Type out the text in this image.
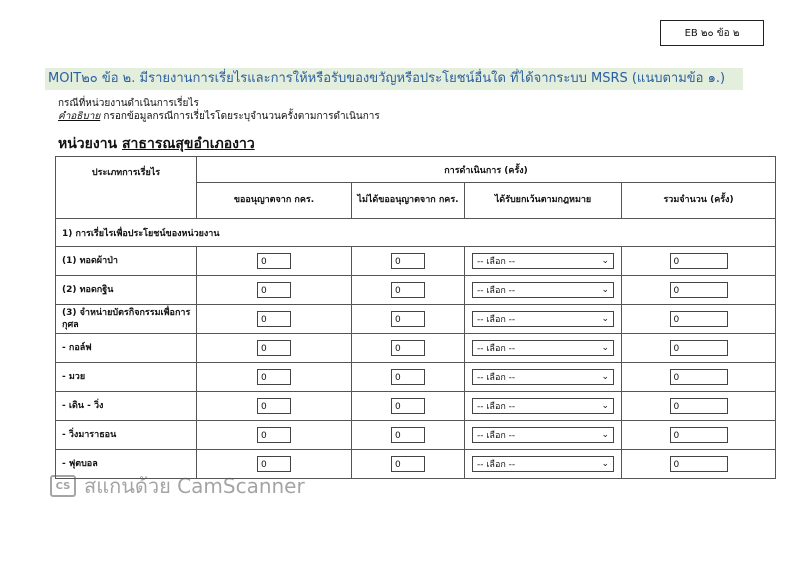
EB ๒๐ ข้อ ๒
MOIT๒๐ ข้อ ๒. มีรายงานการเรี่ยไรและการให้หรือรับของขวัญหรือประโยชน์อื่นใด ที่ได้จากระบบ MSRS (แนบตามข้อ ๑.)
กรณีที่หน่วยงานดำเนินการเรี่ยไร
คำอธิบาย กรอกข้อมูลกรณีการเรี่ยไรโดยระบุจำนวนครั้งตามการดำเนินการ
หน่วยงาน สาธารณสุขอำเภองาว
ประเภทการเรี่ยไร	การดำเนินการ (ครั้ง)			
	ขออนุญาตจาก กคร.	ไม่ได้ขออนุญาตจาก กคร.	ได้รับยกเว้นตามกฎหมาย	รวมจำนวน (ครั้ง)
1) การเรี่ยไรเพื่อประโยชน์ของหน่วยงาน				
(1) ทอดผ้าป่า	0	0	-- เลือก -- ⌄	0
(2) ทอดกฐิน	0	0	-- เลือก -- ⌄	0
(3) จำหน่ายบัตรกิจกรรมเพื่อการกุศล	0	0	-- เลือก -- ⌄	0
- กอล์ฟ	0	0	-- เลือก -- ⌄	0
- มวย	0	0	-- เลือก -- ⌄	0
- เดิน - วิ่ง	0	0	-- เลือก -- ⌄	0
- วิ่งมาราธอน	0	0	-- เลือก -- ⌄	0
- ฟุตบอล	0	0	-- เลือก -- ⌄	0
CS สแกนด้วย CamScanner
